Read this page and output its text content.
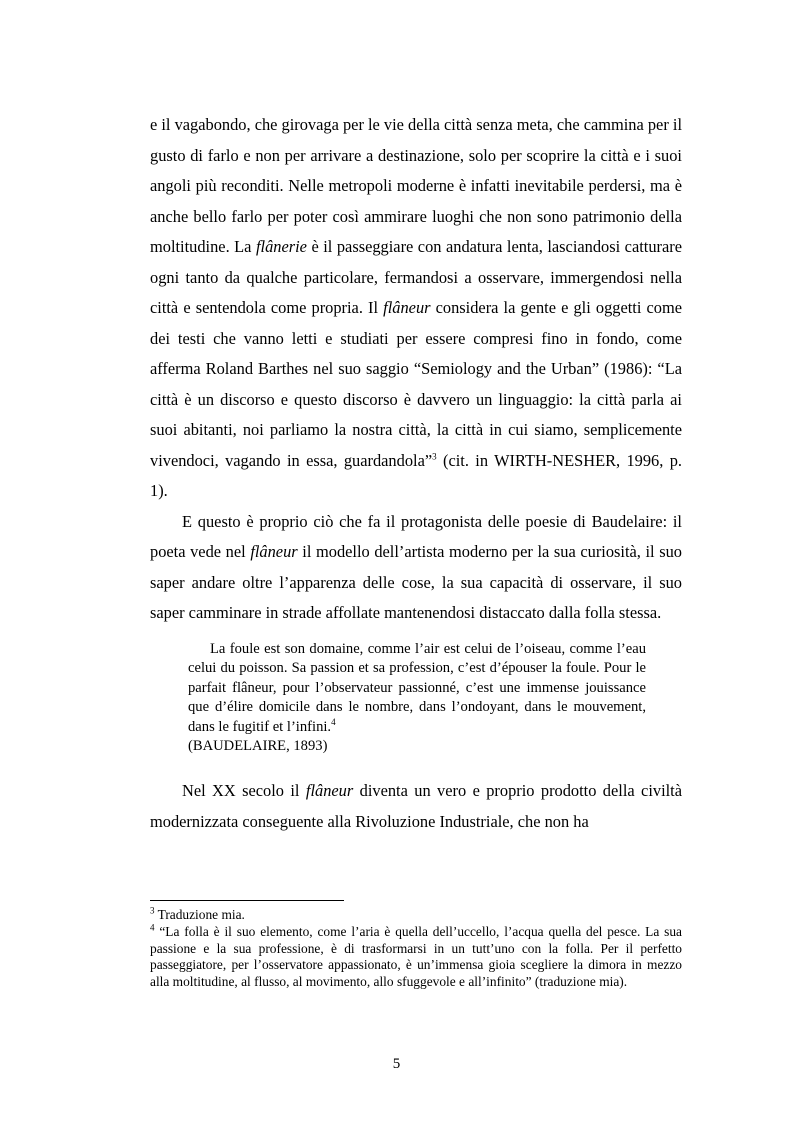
e il vagabondo, che girovaga per le vie della città senza meta, che cammina per il gusto di farlo e non per arrivare a destinazione, solo per scoprire la città e i suoi angoli più reconditi. Nelle metropoli moderne è infatti inevitabile perdersi, ma è anche bello farlo per poter così ammirare luoghi che non sono patrimonio della moltitudine. La flânerie è il passeggiare con andatura lenta, lasciandosi catturare ogni tanto da qualche particolare, fermandosi a osservare, immergendosi nella città e sentendola come propria. Il flâneur considera la gente e gli oggetti come dei testi che vanno letti e studiati per essere compresi fino in fondo, come afferma Roland Barthes nel suo saggio “Semiology and the Urban” (1986): “La città è un discorso e questo discorso è davvero un linguaggio: la città parla ai suoi abitanti, noi parliamo la nostra città, la città in cui siamo, semplicemente vivendoci, vagando in essa, guardandola”$^3$ (cit. in WIRTH-NESHER, 1996, p. 1).

E questo è proprio ciò che fa il protagonista delle poesie di Baudelaire: il poeta vede nel flâneur il modello dell’artista moderno per la sua curiosità, il suo saper andare oltre l’apparenza delle cose, la sua capacità di osservare, il suo saper camminare in strade affollate mantenendosi distaccato dalla folla stessa.

La foule est son domaine, comme l’air est celui de l’oiseau, comme l’eau celui du poisson. Sa passion et sa profession, c’est d’épouser la foule. Pour le parfait flâneur, pour l’observateur passionné, c’est une immense jouissance que d’élire domicile dans le nombre, dans l’ondoyant, dans le mouvement, dans le fugitif et l’infini.$^4$
(BAUDELAIRE, 1893)

Nel XX secolo il flâneur diventa un vero e proprio prodotto della civiltà modernizzata conseguente alla Rivoluzione Industriale, che non ha

$^3$ Traduzione mia.

$^4$ “La folla è il suo elemento, come l’aria è quella dell’uccello, l’acqua quella del pesce. La sua passione e la sua professione, è di trasformarsi in un tutt’uno con la folla. Per il perfetto passeggiatore, per l’osservatore appassionato, è un’immensa gioia scegliere la dimora in mezzo alla moltitudine, al flusso, al movimento, allo sfuggevole e all’infinito” (traduzione mia).

5
